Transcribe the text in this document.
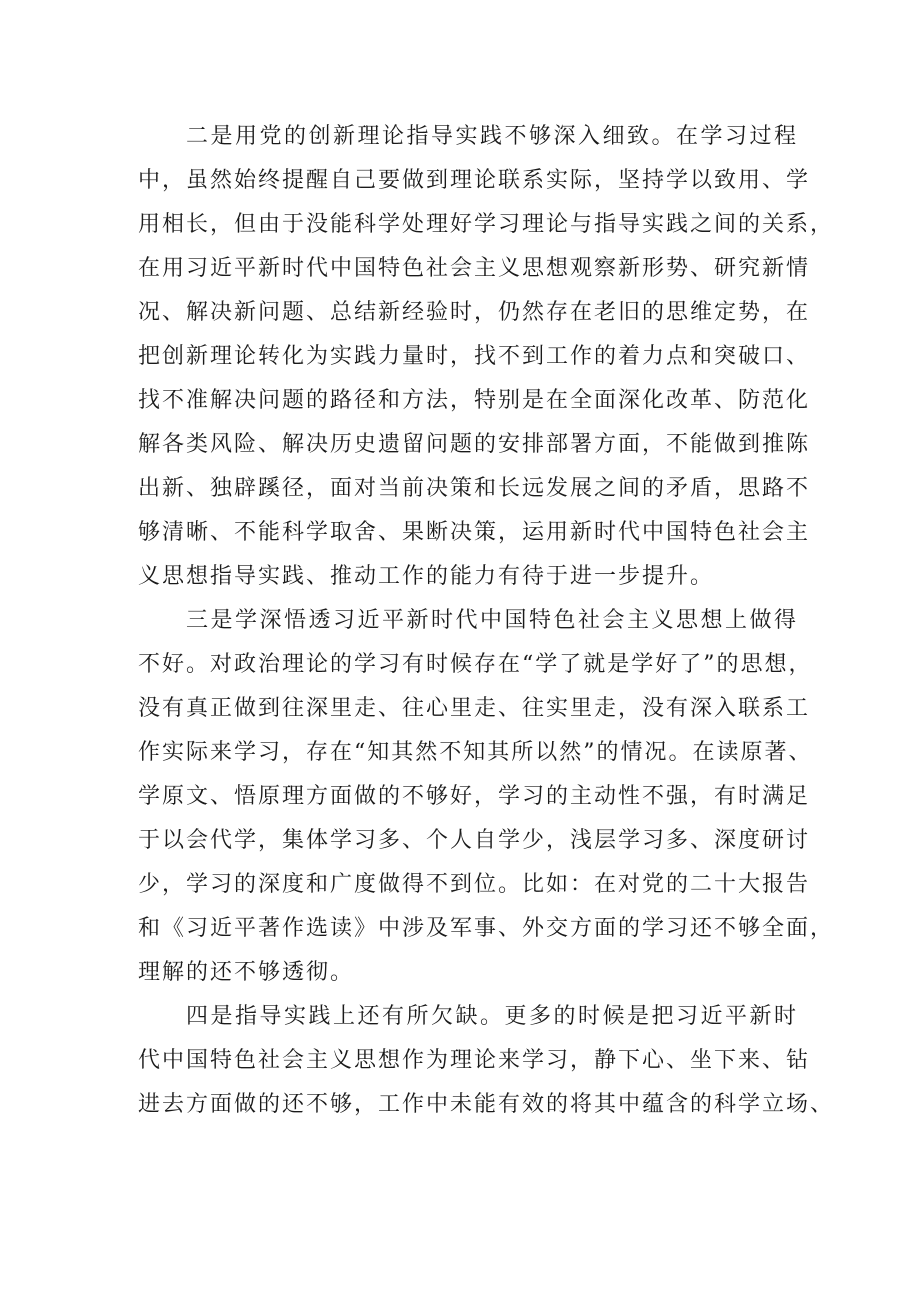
二是用党的创新理论指导实践不够深入细致。在学习过程
中，虽然始终提醒自己要做到理论联系实际，坚持学以致用、学
用相长，但由于没能科学处理好学习理论与指导实践之间的关系，
在用习近平新时代中国特色社会主义思想观察新形势、研究新情
况、解决新问题、总结新经验时，仍然存在老旧的思维定势，在
把创新理论转化为实践力量时，找不到工作的着力点和突破口、
找不准解决问题的路径和方法，特别是在全面深化改革、防范化
解各类风险、解决历史遗留问题的安排部署方面，不能做到推陈
出新、独辟蹊径，面对当前决策和长远发展之间的矛盾，思路不
够清晰、不能科学取舍、果断决策，运用新时代中国特色社会主
义思想指导实践、推动工作的能力有待于进一步提升。
三是学深悟透习近平新时代中国特色社会主义思想上做得
不好。对政治理论的学习有时候存在“学了就是学好了”的思想，
没有真正做到往深里走、往心里走、往实里走，没有深入联系工
作实际来学习，存在“知其然不知其所以然”的情况。在读原著、
学原文、悟原理方面做的不够好，学习的主动性不强，有时满足
于以会代学，集体学习多、个人自学少，浅层学习多、深度研讨
少，学习的深度和广度做得不到位。比如：在对党的二十大报告
和《习近平著作选读》中涉及军事、外交方面的学习还不够全面，
理解的还不够透彻。
四是指导实践上还有所欠缺。更多的时候是把习近平新时
代中国特色社会主义思想作为理论来学习，静下心、坐下来、钻
进去方面做的还不够，工作中未能有效的将其中蕴含的科学立场、
